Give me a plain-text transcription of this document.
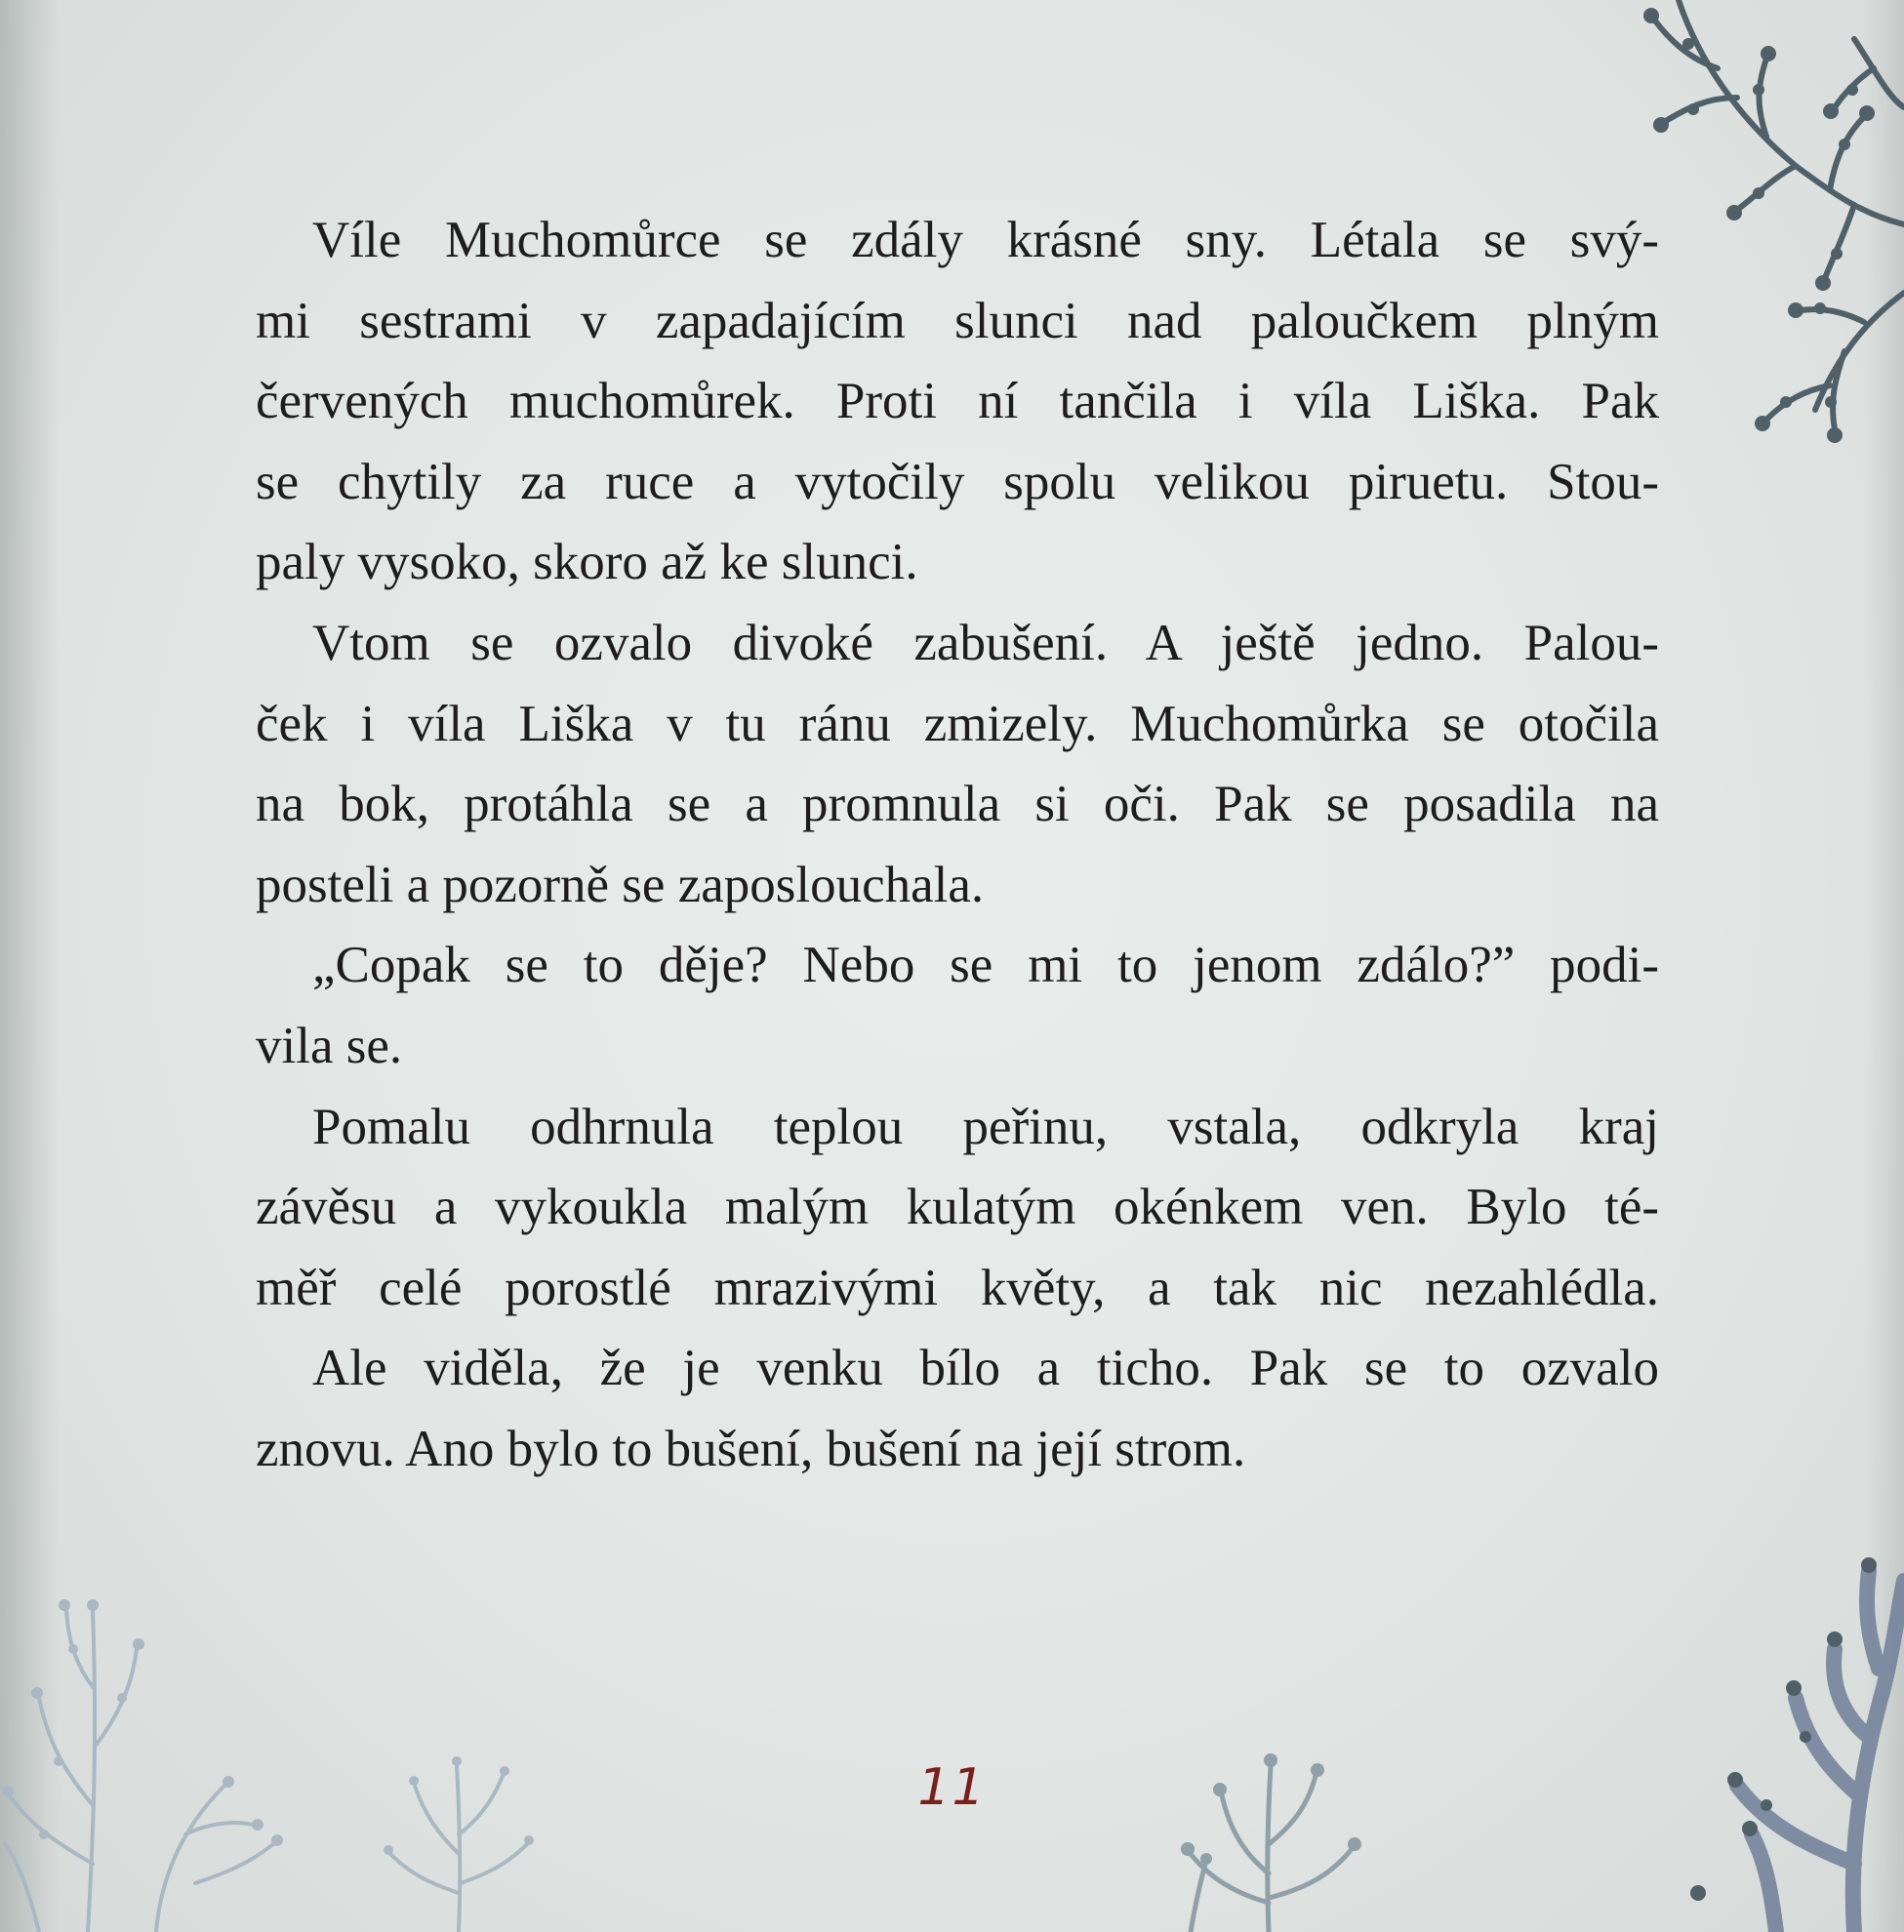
Víle Muchomůrce se zdály krásné sny. Létala se svý-
mi sestrami v zapadajícím slunci nad paloučkem plným
červených muchomůrek. Proti ní tančila i víla Liška. Pak
se chytily za ruce a vytočily spolu velikou piruetu. Stou-
paly vysoko, skoro až ke slunci.
Vtom se ozvalo divoké zabušení. A ještě jedno. Palou-
ček i víla Liška v tu ránu zmizely. Muchomůrka se otočila
na bok, protáhla se a promnula si oči. Pak se posadila na
posteli a pozorně se zaposlouchala.
„Copak se to děje? Nebo se mi to jenom zdálo?” podi-
vila se.
Pomalu odhrnula teplou peřinu, vstala, odkryla kraj
závěsu a vykoukla malým kulatým okénkem ven. Bylo té-
měř celé porostlé mrazivými květy, a tak nic nezahlédla.
Ale viděla, že je venku bílo a ticho. Pak se to ozvalo
znovu. Ano bylo to bušení, bušení na její strom.
11
